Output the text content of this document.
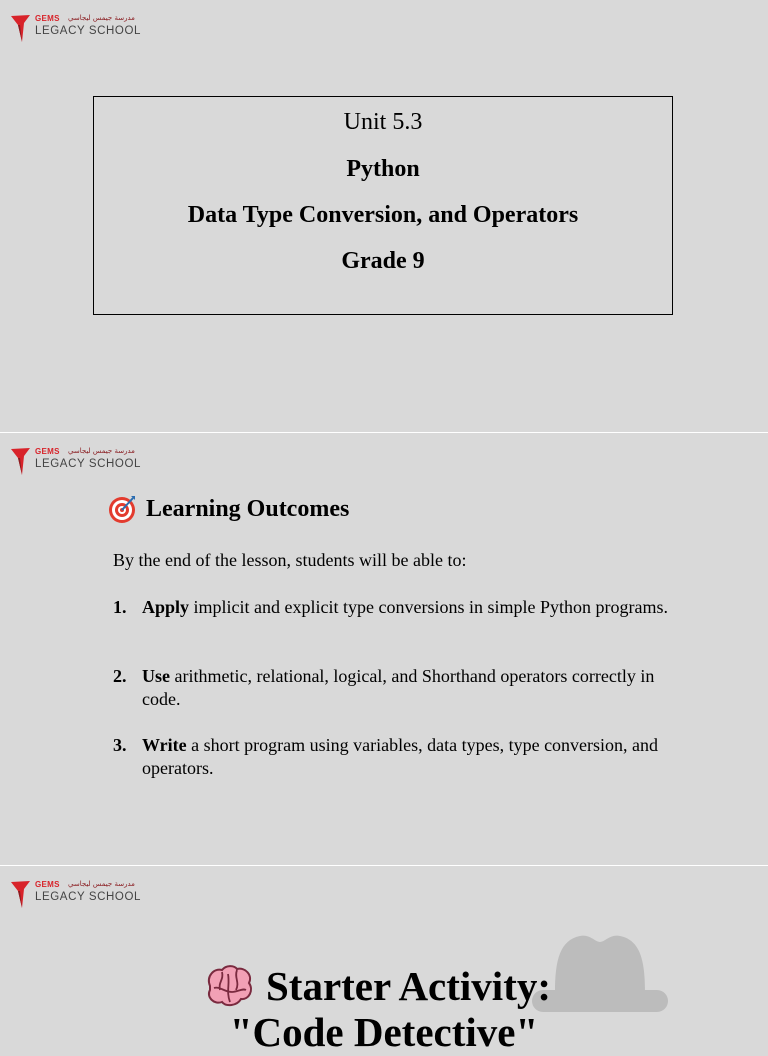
GEMS مدرسة جيمس ليجاسي
LEGACY SCHOOL
Unit 5.3
Python
Data Type Conversion, and Operators
Grade 9
GEMS مدرسة جيمس ليجاسي
LEGACY SCHOOL
Learning Outcomes
By the end of the lesson, students will be able to:
1. Apply implicit and explicit type conversions in simple Python programs.
2. Use arithmetic, relational, logical, and Shorthand operators correctly in code.
3. Write a short program using variables, data types, type conversion, and operators.
GEMS مدرسة جيمس ليجاسي
LEGACY SCHOOL
Starter Activity:
"Code Detective"
